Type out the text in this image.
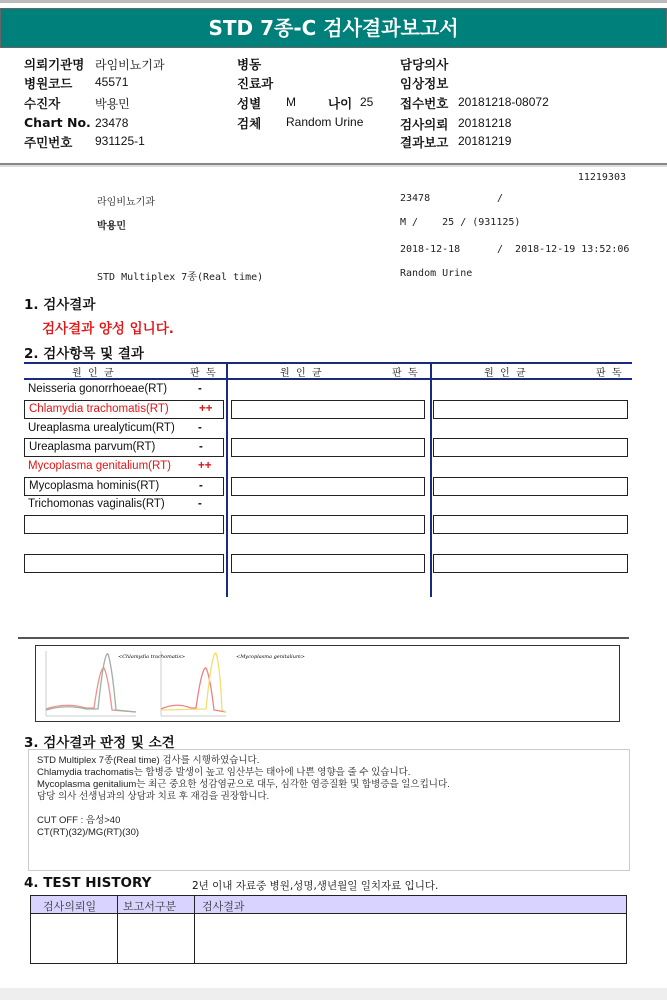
STD 7종-C 검사결과보고서
의뢰기관명 라임비뇨기과
병원코드 45571
수진자	박용민
Chart No. 23478
주민번호 931125-1
병동
진료과
성별 M	나이 25
검체 Random Urine
담당의사
임상정보
접수번호 20181218-08072
검사의뢰 20181218
결과보고 20181219
11219303
라임비뇨기과	23478	/
박용민	M /    25 / (931125)
2018-12-18	/  2018-12-19 13:52:06
STD Multiplex 7종(Real time)	Random Urine
1. 검사결과
검사결과 양성 입니다.
2. 검사항목 및 결과
원  인  균	판  독	원  인  균	판  독	원  인  균	판  독
Neisseria gonorrhoeae(RT)	-
Chlamydia trachomatis(RT)	++
Ureaplasma urealyticum(RT) -
Ureaplasma parvum(RT)	-
Mycoplasma genitalium(RT) ++
Mycoplasma hominis(RT)	-
Trichomonas vaginalis(RT)	-
<Chlamydia trachomatis>	<Mycoplasma genitalium>
3. 검사결과 판정 및 소견
STD Multiplex 7종(Real time) 검사를 시행하였습니다.
Chlamydia trachomatis는 합병증 발생이 높고 임산부는 태아에 나쁜 영향을 줄 수 있습니다.
Mycoplasma genitalium는 최근 중요한 성감염균으로 대두, 심각한 염증질환 및 합병증을 일으킵니다.
담당 의사 선생님과의 상담과 치료 후 재검을 권장합니다.
CUT OFF : 음성>40
CT(RT)(32)/MG(RT)(30)
4. TEST HISTORY	2년 이내 자료중 병원,성명,생년월일 일치자료 입니다.
검사의뢰일 보고서구분 검사결과
